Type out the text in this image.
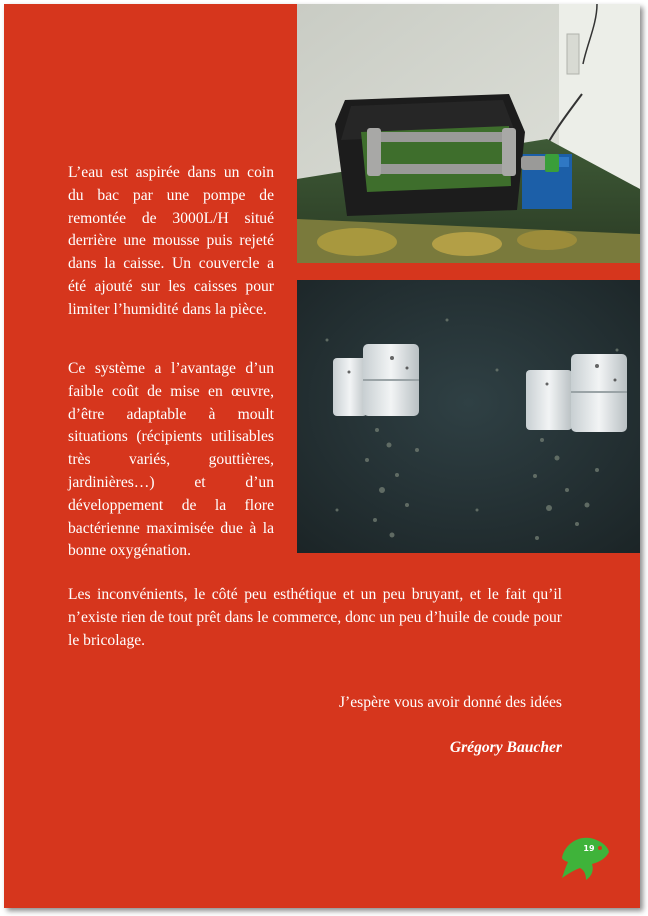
L’eau est aspirée dans un coin du bac par une pompe de remontée de 3000L/H situé derrière une mousse puis rejeté dans la caisse. Un couvercle a été ajouté sur les caisses pour limiter l’humidité dans la pièce.

Ce système a l’avantage d’un faible coût de mise en œuvre, d’être adaptable à moult situations (récipients utilisables très variés, gouttières, jardinières…) et d’un développement de la flore bactérienne maximisée due à la bonne oxygénation.

Les inconvénients, le côté peu esthétique et un peu bruyant, et le fait qu’il n’existe rien de tout prêt dans le commerce, donc un peu d’huile de coude pour le bricolage.

J’espère vous avoir donné des idées

Grégory Baucher

19
